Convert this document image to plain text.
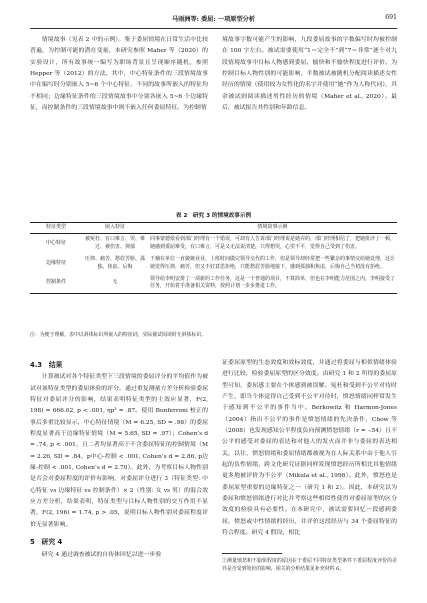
马雨洲等: 委屈: 一项原型分析	691

情境故事（见表 2 中的示例）。鉴于委屈情境在日常生活中比较普遍，为控制可能的潜在变量，本研究参照 Maher 等（2020）的实验设计，所有故事统一编写为职场背景且呈现顺序随机。参照 Hepper 等（2012）的方法，其中，中心特征条件的三段情境故事中在编写时分别嵌入 5~6 个中心特征，不同的故事所嵌入的特征均不相同；边缘特征条件的三段情境故事中分别各嵌入 5~6 个边缘特征，而控制条件的三段情境故事中则不嵌入任何委屈特征。为控制情

境故事字数可能产生的影响，九段委屈故事的字数偏写时均被控制在 100 字左右。被试需要使用“1＝完全不”到“7＝非常”逐个对九段情境故事中目标人物感到委屈、愉快和不愉快程度进行评价。为控制目标人物性别的可能影响，半数被试被随机分配阅读描述女性经历的情境（使用较为女性化的名字并使用“她”作为人称代词），其余被试则阅读描述男性经历的情境（Maher et al., 2020）。最后，被试报告其性别和年龄信息。

表 2　研究 3 的情境故事示例
特征类型	嵌入特征	情境故事示例
中心特征	被冤枉、有口难言、哭、难过、被伤害、抑郁	同事蒙德依看到部门经理有一个错误，可却有人告诉部门经理说是她弄的，部门经理相信了，把她批评了一顿，她感到委屈难受，有口难言，可是又无法说清楚，只得想哭，心里不平，觉得自己受到了伤害。
边缘特征	压抑、痛苦、愁眉苦脸、孤独、焦虑、后悔	王楠在单位一直兢兢业业，上班时间做完领导交代的工作，但是领导却经常把一些繁杂的事情交给她处理，这让她觉得压抑，痛苦，但又不好意思拒绝，只能愁眉苦脸地接下，感到孤独和焦虑，后悔自己当初没有拒绝。
控制条件	无	领导给李明安排了一项新的工作任务，这是一个普通的项目，不算简单，但也在李明能力范围之内。李明接受了任务，开始着手准备相关资料，按照计划一步步推进工作。
注：为便于理解，表中以斜体标识所嵌入的特征词，实际被试阅读时无斜体标识。

4.3　结果

计算被试对各个特征类型下三段情境的委屈评分的平均值作为被试对该特征类型的委屈体验的评分。通过重复测量方差分析检验委屈特征对委屈评分的影响，结果表明特征类型的主效应显著，F(2, 198) = 666.02, p < .001, ηp² = .87。使用 Bonferroni 校正的事后多重比较显示，中心特征情境（M = 6.25, SD = .98）的委屈程度显著高于边缘特征情境（M = 5.65, SD = .97）；Cohen’s d = .74, p < .001，且二者均显著高于不含委屈特征的控制情境（M = 2.26, SD = .84，p中心-控制 < .001, Cohen’s d = 2.86, p边缘-控制 < .001, Cohen’s d = 2.70）。此外，为考察目标人物性别是否会对委屈程度的评价有影响，对委屈评分进行 3（特征类型: 中心特征 vs 边缘特征 vs 控制条件）× 2（性别: 女 vs 男）的混合效应方差分析，结果表明，特征类型与目标人物性别的交互作用不显著，F(2, 196) = 1.74, p > .05，说明目标人物性别对委屈程度评价无显著影响。

5　研究 4

研究 4 通过调查被试的自传体回忆以进一步验

证委屈原型的生态效度和效标效度，并通过将委屈与相似情绪体验进行比较，检验委屈原型的区分效度。由研究 1 和 2 所得的委屈原型可知，委屈感主要在个体感到被误解、冤枉和受到不公平对待时产生，即当个体觉得自己受到不公平对待时，愤怒情绪同样常发生于感知到不公平的事件当中。Berkowitz 和 Harmon-Jones（2004）指出不公平的事件是愤怒情绪的先决条件，Chow 等（2008）也发现感知公平程度负向预测愤怒情绪（r = -.54）且不公平的感受对委屈的表达和对他人的发火而并非与委屈的表达相关。以往，愤怒情绪和委屈情绪都被视为在人际关系中由于他人引起的负性情绪，跨文化研究证据同样发现愤怒经历所相比其他情绪更多地被评价为不公平（Mikula et al., 1998）。此外，愤怒也是委屈原型重要的边缘特征之一（研究 1 和 2）。因此，本研究以为委屈和愤怒情绪进行对比并考察这些相似性使得对委屈原型的区分效度的检验具有必要性。在本研究中，被试需要回忆一段感到委屈、愤怒或中性情绪的经历，并评价这段经历与 34 个委屈特征的符合程度。研究 4 假设，相比

②测量愤怒和不愉快程度的原因在于委屈不同特征类型条件下委屈程度评价的差异是否受到效价的影响，相关的分析结果见补充材料 6。
